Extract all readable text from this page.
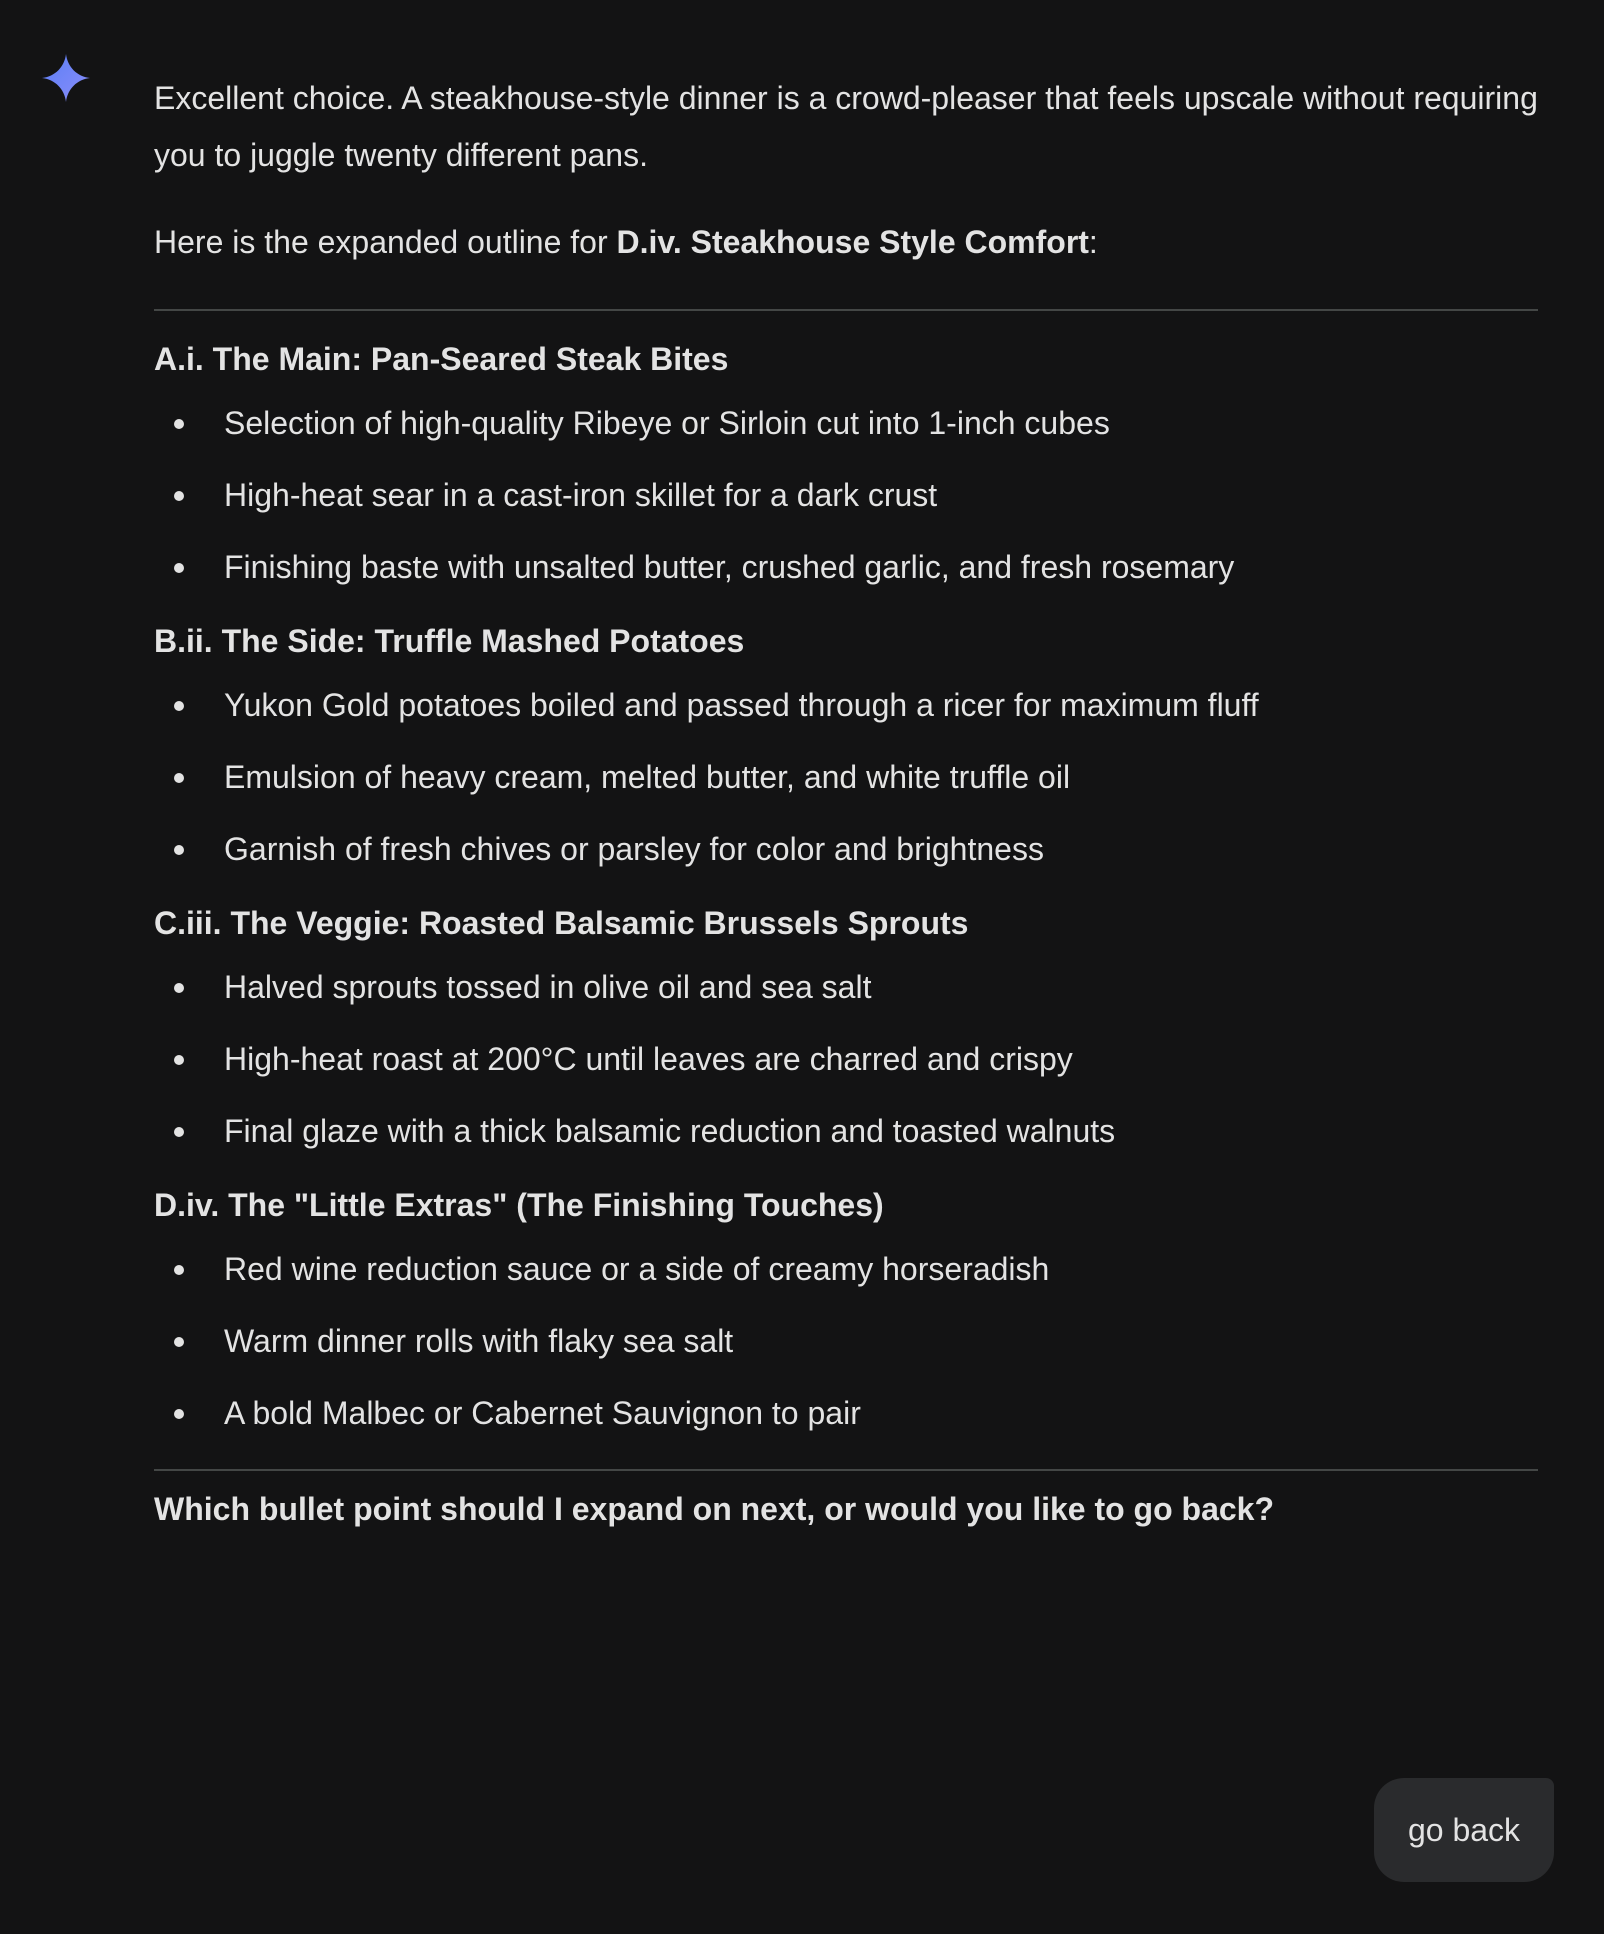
Excellent choice. A steakhouse-style dinner is a crowd-pleaser that feels upscale without requiring you to juggle twenty different pans.

Here is the expanded outline for D.iv. Steakhouse Style Comfort:

A.i. The Main: Pan-Seared Steak Bites
Selection of high-quality Ribeye or Sirloin cut into 1-inch cubes
High-heat sear in a cast-iron skillet for a dark crust
Finishing baste with unsalted butter, crushed garlic, and fresh rosemary
B.ii. The Side: Truffle Mashed Potatoes
Yukon Gold potatoes boiled and passed through a ricer for maximum fluff
Emulsion of heavy cream, melted butter, and white truffle oil
Garnish of fresh chives or parsley for color and brightness
C.iii. The Veggie: Roasted Balsamic Brussels Sprouts
Halved sprouts tossed in olive oil and sea salt
High-heat roast at 200°C until leaves are charred and crispy
Final glaze with a thick balsamic reduction and toasted walnuts
D.iv. The "Little Extras" (The Finishing Touches)
Red wine reduction sauce or a side of creamy horseradish
Warm dinner rolls with flaky sea salt
A bold Malbec or Cabernet Sauvignon to pair
Which bullet point should I expand on next, or would you like to go back?
go back
